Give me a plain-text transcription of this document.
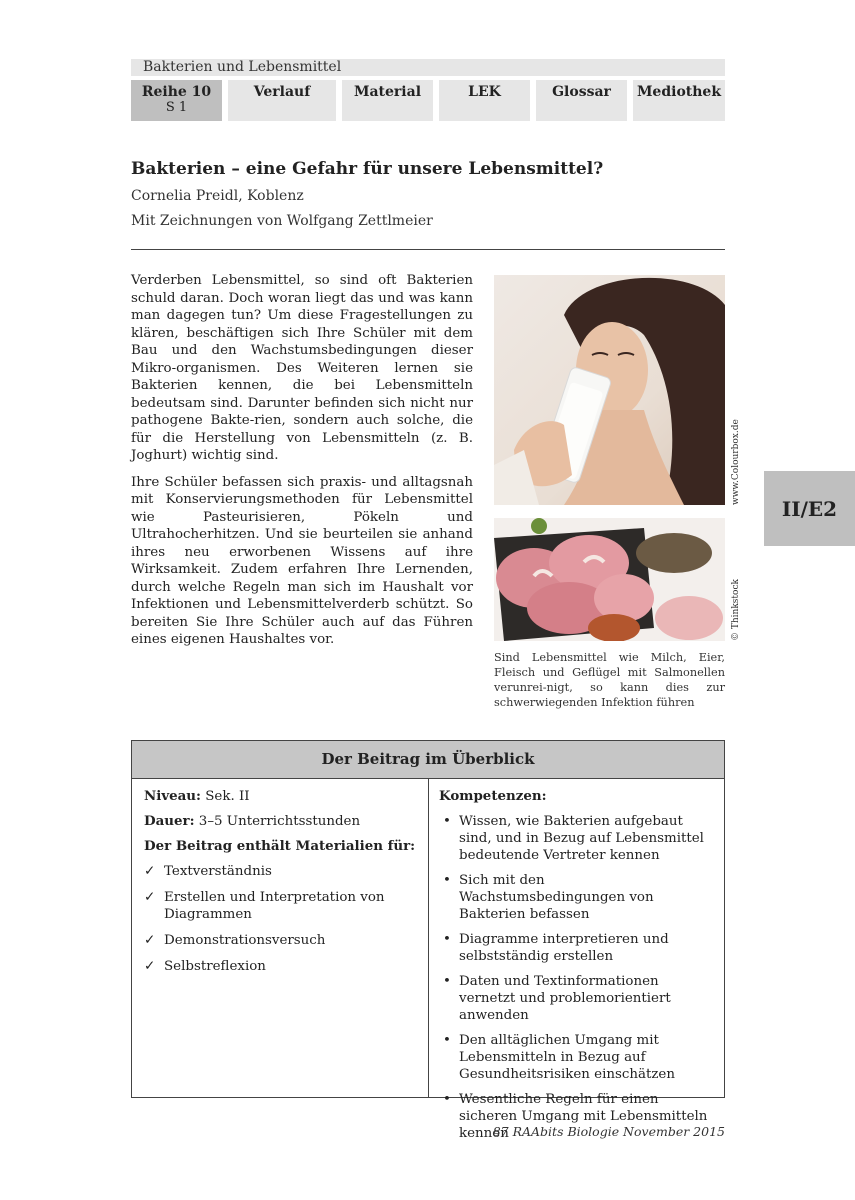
Bakterien und Lebensmittel
Reihe 10
S 1
Verlauf	Material	LEK	Glossar	Mediothek
Bakterien – eine Gefahr für unsere Lebensmittel?
Cornelia Preidl, Koblenz
Mit Zeichnungen von Wolfgang Zettlmeier

Verderben Lebensmittel, so sind oft Bakterien schuld daran. Doch woran liegt das und was kann man dagegen tun? Um diese Fragestellungen zu klären, beschäftigen sich Ihre Schüler mit dem Bau und den Wachstumsbedingungen dieser Mikro-organismen. Des Weiteren lernen sie Bakterien kennen, die bei Lebensmitteln bedeutsam sind. Darunter befinden sich nicht nur pathogene Bakte-rien, sondern auch solche, die für die Herstellung von Lebensmitteln (z. B. Joghurt) wichtig sind.

Ihre Schüler befassen sich praxis- und alltagsnah mit Konservierungsmethoden für Lebensmittel wie Pasteurisieren, Pökeln und Ultrahocherhitzen. Und sie beurteilen sie anhand ihres neu erworbenen Wissens auf ihre Wirksamkeit. Zudem erfahren Ihre Lernenden, durch welche Regeln man sich im Haushalt vor Infektionen und Lebensmittelverderb schützt. So bereiten Sie Ihre Schüler auch auf das Führen eines eigenen Haushaltes vor.

www.Colourbox.de
© Thinkstock
Sind Lebensmittel wie Milch, Eier, Fleisch und Geflügel mit Salmonellen verunrei-nigt, so kann dies zur schwerwiegenden Infektion führen
II/E2
Der Beitrag im Überblick

Niveau: Sek. II

Dauer: 3–5 Unterrichtsstunden

Der Beitrag enthält Materialien für:

✓ Textverständnis
✓ Erstellen und Interpretation von Diagrammen
✓ Demonstrationsversuch
✓ Selbstreflexion

Kompetenzen:

• Wissen, wie Bakterien aufgebaut sind, und in Bezug auf Lebensmittel bedeutende Vertreter kennen
• Sich mit den Wachstumsbedingungen von Bakterien befassen
• Diagramme interpretieren und selbstständig erstellen
• Daten und Textinformationen vernetzt und problemorientiert anwenden
• Den alltäglichen Umgang mit Lebensmitteln in Bezug auf Gesundheitsrisiken einschätzen
• Wesentliche Regeln für einen sicheren Umgang mit Lebensmitteln kennen
87 RAAbits Biologie November 2015
